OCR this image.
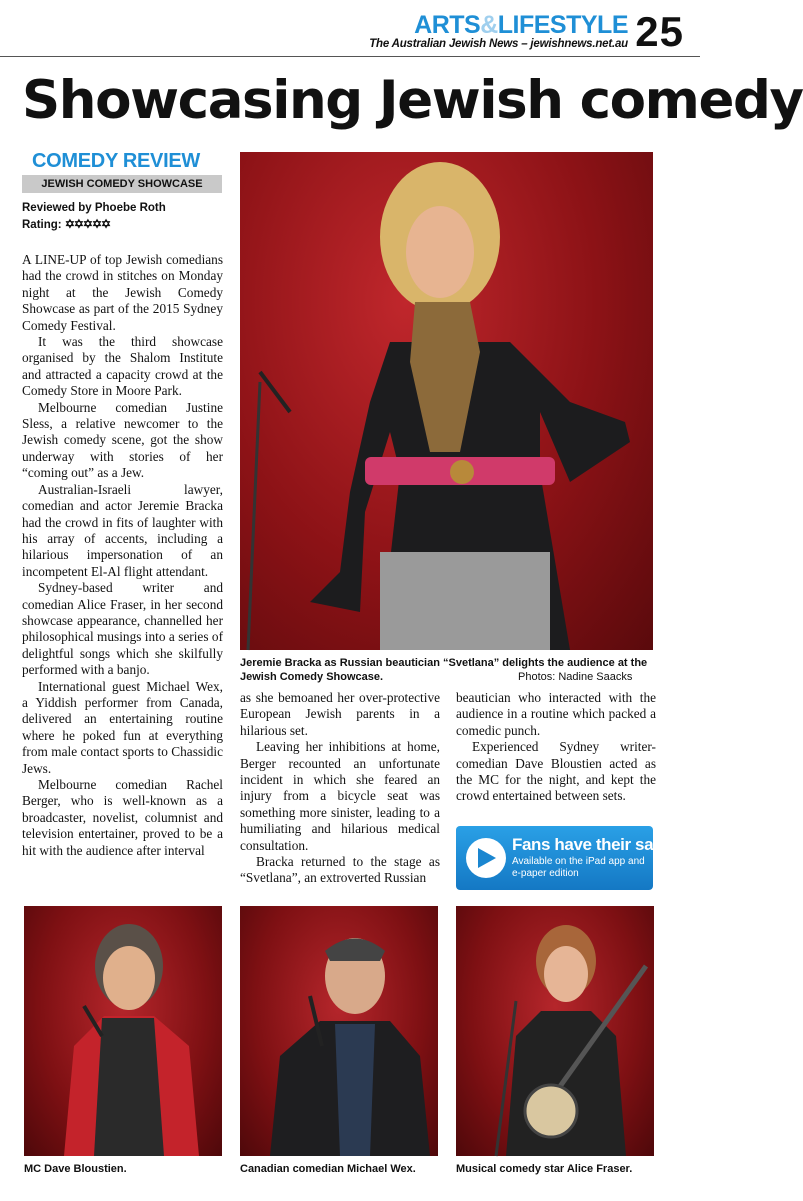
ARTS&LIFESTYLE 25
The Australian Jewish News – jewishnews.net.au
Showcasing Jewish comedy
COMEDY REVIEW
JEWISH COMEDY SHOWCASE
Reviewed by Phoebe Roth
Rating: ✡✡✡✡✡

A LINE-UP of top Jewish comedians had the crowd in stitches on Monday night at the Jewish Comedy Showcase as part of the 2015 Sydney Comedy Festival.

It was the third showcase organised by the Shalom Institute and attracted a capacity crowd at the Comedy Store in Moore Park.

Melbourne comedian Justine Sless, a relative newcomer to the Jewish comedy scene, got the show underway with stories of her “coming out” as a Jew.

Australian-Israeli lawyer, comedian and actor Jeremie Bracka had the crowd in fits of laughter with his array of accents, including a hilarious impersonation of an incompetent El-Al flight attendant.

Sydney-based writer and comedian Alice Fraser, in her second showcase appearance, channelled her philosophical musings into a series of delightful songs which she skilfully performed with a banjo.

International guest Michael Wex, a Yiddish performer from Canada, delivered an entertaining routine where he poked fun at everything from male contact sports to Chassidic Jews.

Melbourne comedian Rachel Berger, who is well-known as a broadcaster, novelist, columnist and television entertainer, proved to be a hit with the audience after interval

Jeremie Bracka as Russian beautician “Svetlana” delights the audience at the Jewish Comedy Showcase.	Photos: Nadine Saacks

as she bemoaned her over-protective European Jewish parents in a hilarious set.

Leaving her inhibitions at home, Berger recounted an unfortunate incident in which she feared an injury from a bicycle seat was something more sinister, leading to a humiliating and hilarious medical consultation.

Bracka returned to the stage as “Svetlana”, an extroverted Russian

beautician who interacted with the audience in a routine which packed a comedic punch.

Experienced Sydney writer-comedian Dave Bloustien acted as the MC for the night, and kept the crowd entertained between sets.

Fans have their say
Available on the iPad app and e-paper edition
MC Dave Bloustien.	Canadian comedian Michael Wex.	Musical comedy star Alice Fraser.
